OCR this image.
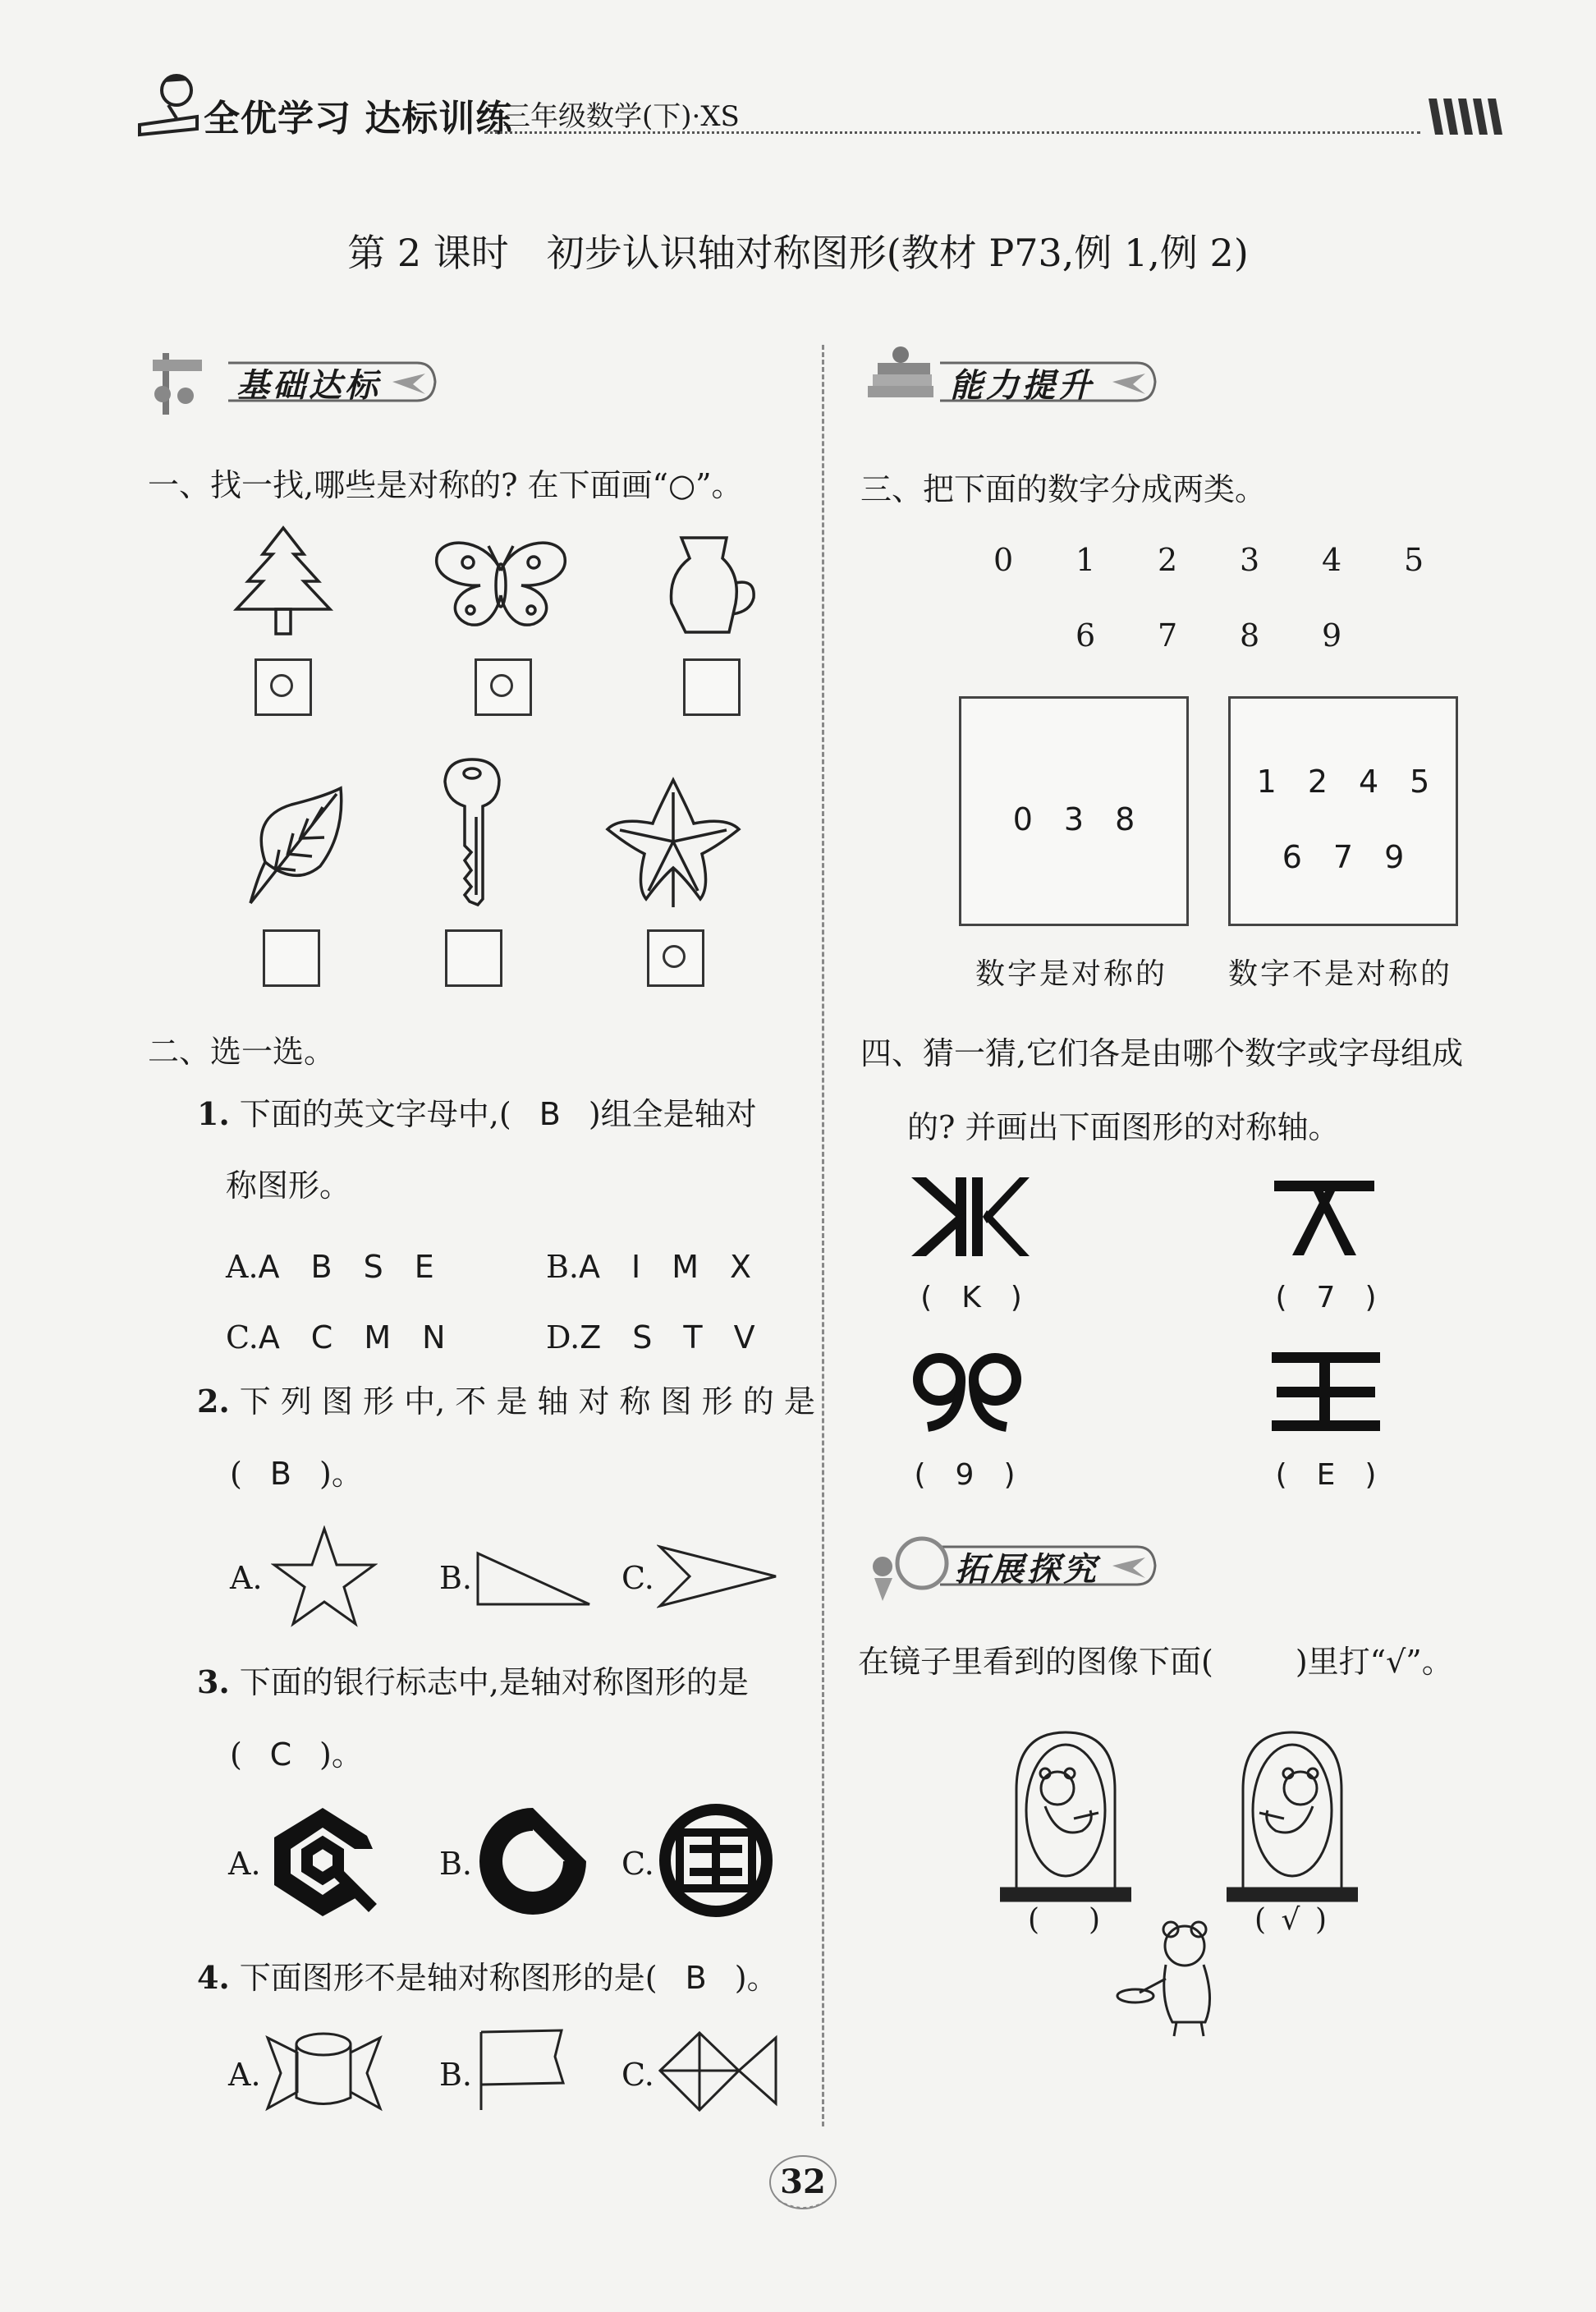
全优学习 达标训练
三年级数学(下)·XS
第 2 课时　初步认识轴对称图形(教材 P73,例 1,例 2)
基础达标
一、找一找,哪些是对称的? 在下面画“○”。
二、选一选。
1. 下面的英文字母中,( B )组全是轴对
称图形。
A.A　B　S　E	B.A　I　M　X
C.A　C　M　N	D.Z　S　T　V
2. 下 列 图 形 中, 不 是 轴 对 称 图 形 的 是
( B )。
A.	B.	C.
3. 下面的银行标志中,是轴对称图形的是
( C )。
A.	B.	C.
4. 下面图形不是轴对称图形的是( B )。
A.	B.	C.
能力提升
三、把下面的数字分成两类。
0 1 2 3 4 5
6 7 8 9
0　3　8
1　2　4　5
6　7　9
数字是对称的 数字不是对称的
四、猜一猜,它们各是由哪个数字或字母组成
的? 并画出下面图形的对称轴。
(　K　)	(　7　)
(　9　)	(　E　)
拓展探究
在镜子里看到的图像下面(	)里打“√”。
( )	( √ )
32
